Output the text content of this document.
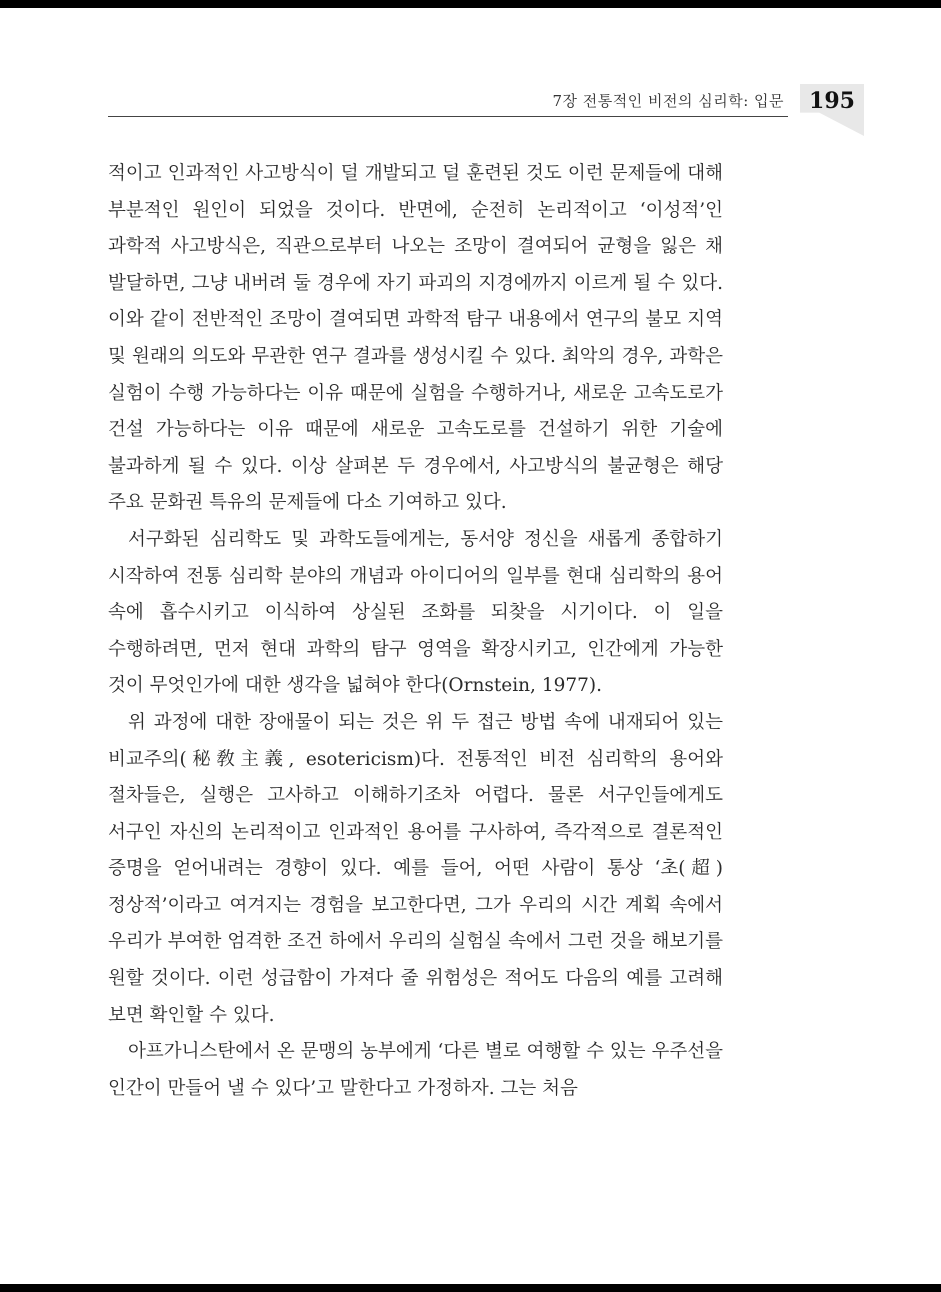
7장 전통적인 비전의 심리학: 입문	195

적이고 인과적인 사고방식이 덜 개발되고 덜 훈련된 것도 이런 문제들에 대해 부분적인 원인이 되었을 것이다. 반면에, 순전히 논리적이고 ‘이성적’인 과학적 사고방식은, 직관으로부터 나오는 조망이 결여되어 균형을 잃은 채 발달하면, 그냥 내버려 둘 경우에 자기 파괴의 지경에까지 이르게 될 수 있다. 이와 같이 전반적인 조망이 결여되면 과학적 탐구 내용에서 연구의 불모 지역 및 원래의 의도와 무관한 연구 결과를 생성시킬 수 있다. 최악의 경우, 과학은 실험이 수행 가능하다는 이유 때문에 실험을 수행하거나, 새로운 고속도로가 건설 가능하다는 이유 때문에 새로운 고속도로를 건설하기 위한 기술에 불과하게 될 수 있다. 이상 살펴본 두 경우에서, 사고방식의 불균형은 해당 주요 문화권 특유의 문제들에 다소 기여하고 있다.

서구화된 심리학도 및 과학도들에게는, 동서양 정신을 새롭게 종합하기 시작하여 전통 심리학 분야의 개념과 아이디어의 일부를 현대 심리학의 용어 속에 흡수시키고 이식하여 상실된 조화를 되찾을 시기이다. 이 일을 수행하려면, 먼저 현대 과학의 탐구 영역을 확장시키고, 인간에게 가능한 것이 무엇인가에 대한 생각을 넓혀야 한다(Ornstein, 1977).

위 과정에 대한 장애물이 되는 것은 위 두 접근 방법 속에 내재되어 있는 비교주의(秘敎主義, esotericism)다. 전통적인 비전 심리학의 용어와 절차들은, 실행은 고사하고 이해하기조차 어렵다. 물론 서구인들에게도 서구인 자신의 논리적이고 인과적인 용어를 구사하여, 즉각적으로 결론적인 증명을 얻어내려는 경향이 있다. 예를 들어, 어떤 사람이 통상 ‘초(超)정상적’이라고 여겨지는 경험을 보고한다면, 그가 우리의 시간 계획 속에서 우리가 부여한 엄격한 조건 하에서 우리의 실험실 속에서 그런 것을 해보기를 원할 것이다. 이런 성급함이 가져다 줄 위험성은 적어도 다음의 예를 고려해 보면 확인할 수 있다.

아프가니스탄에서 온 문맹의 농부에게 ‘다른 별로 여행할 수 있는 우주선을 인간이 만들어 낼 수 있다’고 말한다고 가정하자. 그는 처음
